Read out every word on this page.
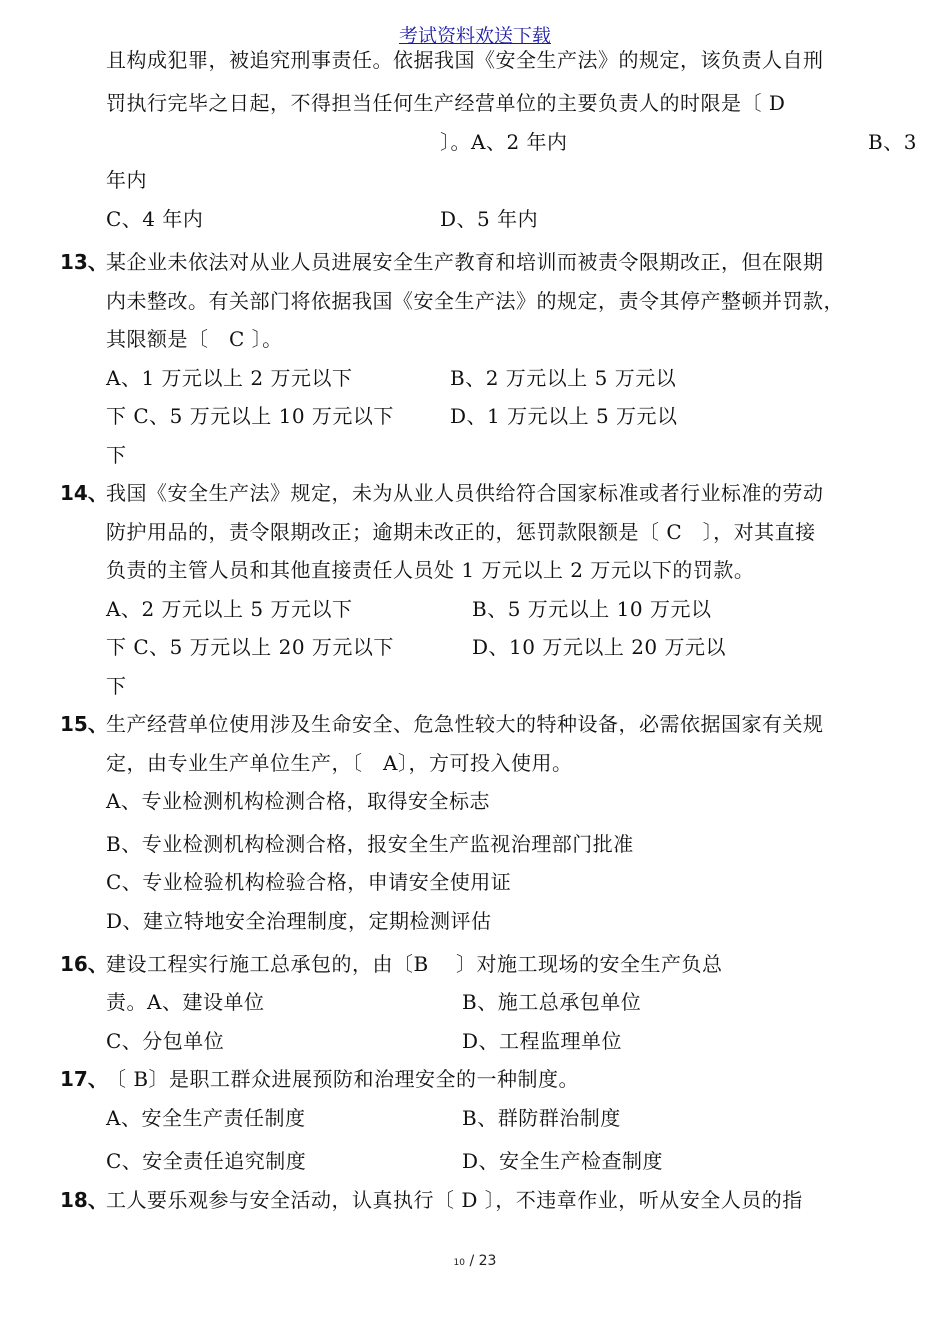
考试资料欢送下载
且构成犯罪，被追究刑事责任。依据我国《安全生产法》的规定，该负责人自刑
罚执行完毕之日起，不得担当任何生产经营单位的主要负责人的时限是〔 D
〕。A、2 年内	B、3
年内
C、4 年内	D、5 年内
13、
某企业未依法对从业人员进展安全生产教育和培训而被责令限期改正，但在限期
内未整改。有关部门将依据我国《安全生产法》的规定，责令其停产整顿并罚款，
其限额是〔　C 〕。
A、1 万元以上 2 万元以下	B、2 万元以上 5 万元以
下 C、5 万元以上 10 万元以下	D、1 万元以上 5 万元以
下
14、
我国《安全生产法》规定，未为从业人员供给符合国家标准或者行业标准的劳动
防护用品的，责令限期改正；逾期未改正的，惩罚款限额是〔 C　〕，对其直接
负责的主管人员和其他直接责任人员处 1 万元以上 2 万元以下的罚款。
A、2 万元以上 5 万元以下	B、5 万元以上 10 万元以
下 C、5 万元以上 20 万元以下	D、10 万元以上 20 万元以
下
15、
生产经营单位使用涉及生命安全、危急性较大的特种设备，必需依据国家有关规
定，由专业生产单位生产，〔　A〕，方可投入使用。
A、专业检测机构检测合格，取得安全标志
B、专业检测机构检测合格，报安全生产监视治理部门批准
C、专业检验机构检验合格，申请安全使用证
D、建立特地安全治理制度，定期检测评估
16、
建设工程实行施工总承包的，由〔B　 〕对施工现场的安全生产负总
责。A、建设单位	B、施工总承包单位
C、分包单位	D、工程监理单位
17、
〔 B〕是职工群众进展预防和治理安全的一种制度。
A、安全生产责任制度	B、群防群治制度
C、安全责任追究制度	D、安全生产检查制度
18、
工人要乐观参与安全活动，认真执行〔 D 〕，不违章作业，听从安全人员的指
10 / 23
